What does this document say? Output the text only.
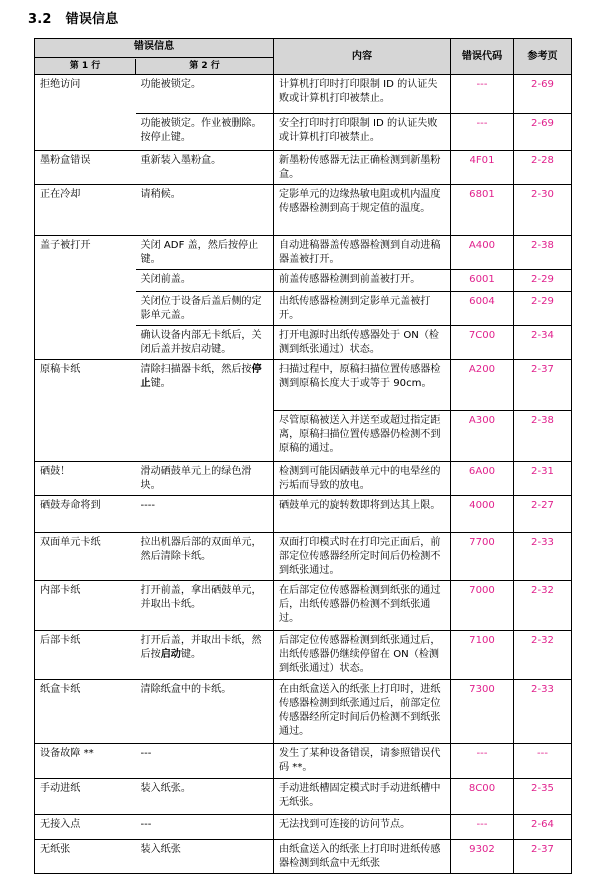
3.2 错误信息
错误信息		内容	错误代码	参考页
第 1 行	第 2 行			
拒绝访问	功能被锁定。	计算机打印时打印限制 ID 的认证失败或计算机打印被禁止。	---	2-69
	功能被锁定。作业被删除。按停止键。	安全打印时打印限制 ID 的认证失败或计算机打印被禁止。	---	2-69
墨粉盒错误	重新装入墨粉盒。	新墨粉传感器无法正确检测到新墨粉盒。	4F01	2-28
正在冷却	请稍候。	定影单元的边缘热敏电阻或机内温度传感器检测到高于规定值的温度。	6801	2-30
盖子被打开	关闭 ADF 盖，然后按停止键。	自动进稿器盖传感器检测到自动进稿器盖被打开。	A400	2-38
	关闭前盖。	前盖传感器检测到前盖被打开。	6001	2-29
	关闭位于设备后盖后侧的定影单元盖。	出纸传感器检测到定影单元盖被打开。	6004	2-29
	确认设备内部无卡纸后，关闭后盖并按启动键。	打开电源时出纸传感器处于 ON（检测到纸张通过）状态。	7C00	2-34
原稿卡纸	清除扫描器卡纸，然后按停止键。	扫描过程中，原稿扫描位置传感器检测到原稿长度大于或等于 90cm。	A200	2-37
		尽管原稿被送入并送至或超过指定距离，原稿扫描位置传感器仍检测不到原稿的通过。	A300	2-38
硒鼓！	滑动硒鼓单元上的绿色滑块。	检测到可能因硒鼓单元中的电晕丝的污垢而导致的放电。	6A00	2-31
硒鼓寿命将到	----	硒鼓单元的旋转数即将到达其上限。	4000	2-27
双面单元卡纸	拉出机器后部的双面单元，然后清除卡纸。	双面打印模式时在打印完正面后，前部定位传感器经所定时间后仍检测不到纸张通过。	7700	2-33
内部卡纸	打开前盖，拿出硒鼓单元，并取出卡纸。	在后部定位传感器检测到纸张的通过后，出纸传感器仍检测不到纸张通过。	7000	2-32
后部卡纸	打开后盖，并取出卡纸，然后按启动键。	后部定位传感器检测到纸张通过后，出纸传感器仍继续停留在 ON（检测到纸张通过）状态。	7100	2-32
纸盒卡纸	清除纸盒中的卡纸。	在由纸盒送入的纸张上打印时，进纸传感器检测到纸张通过后，前部定位传感器经所定时间后仍检测不到纸张通过。	7300	2-33
设备故障 **	---	发生了某种设备错误，请参照错误代码 **。	---	---
手动进纸	装入纸张。	手动进纸槽固定模式时手动进纸槽中无纸张。	8C00	2-35
无接入点	---	无法找到可连接的访问节点。	---	2-64
无纸张	装入纸张	由纸盒送入的纸张上打印时进纸传感器检测到纸盒中无纸张	9302	2-37
